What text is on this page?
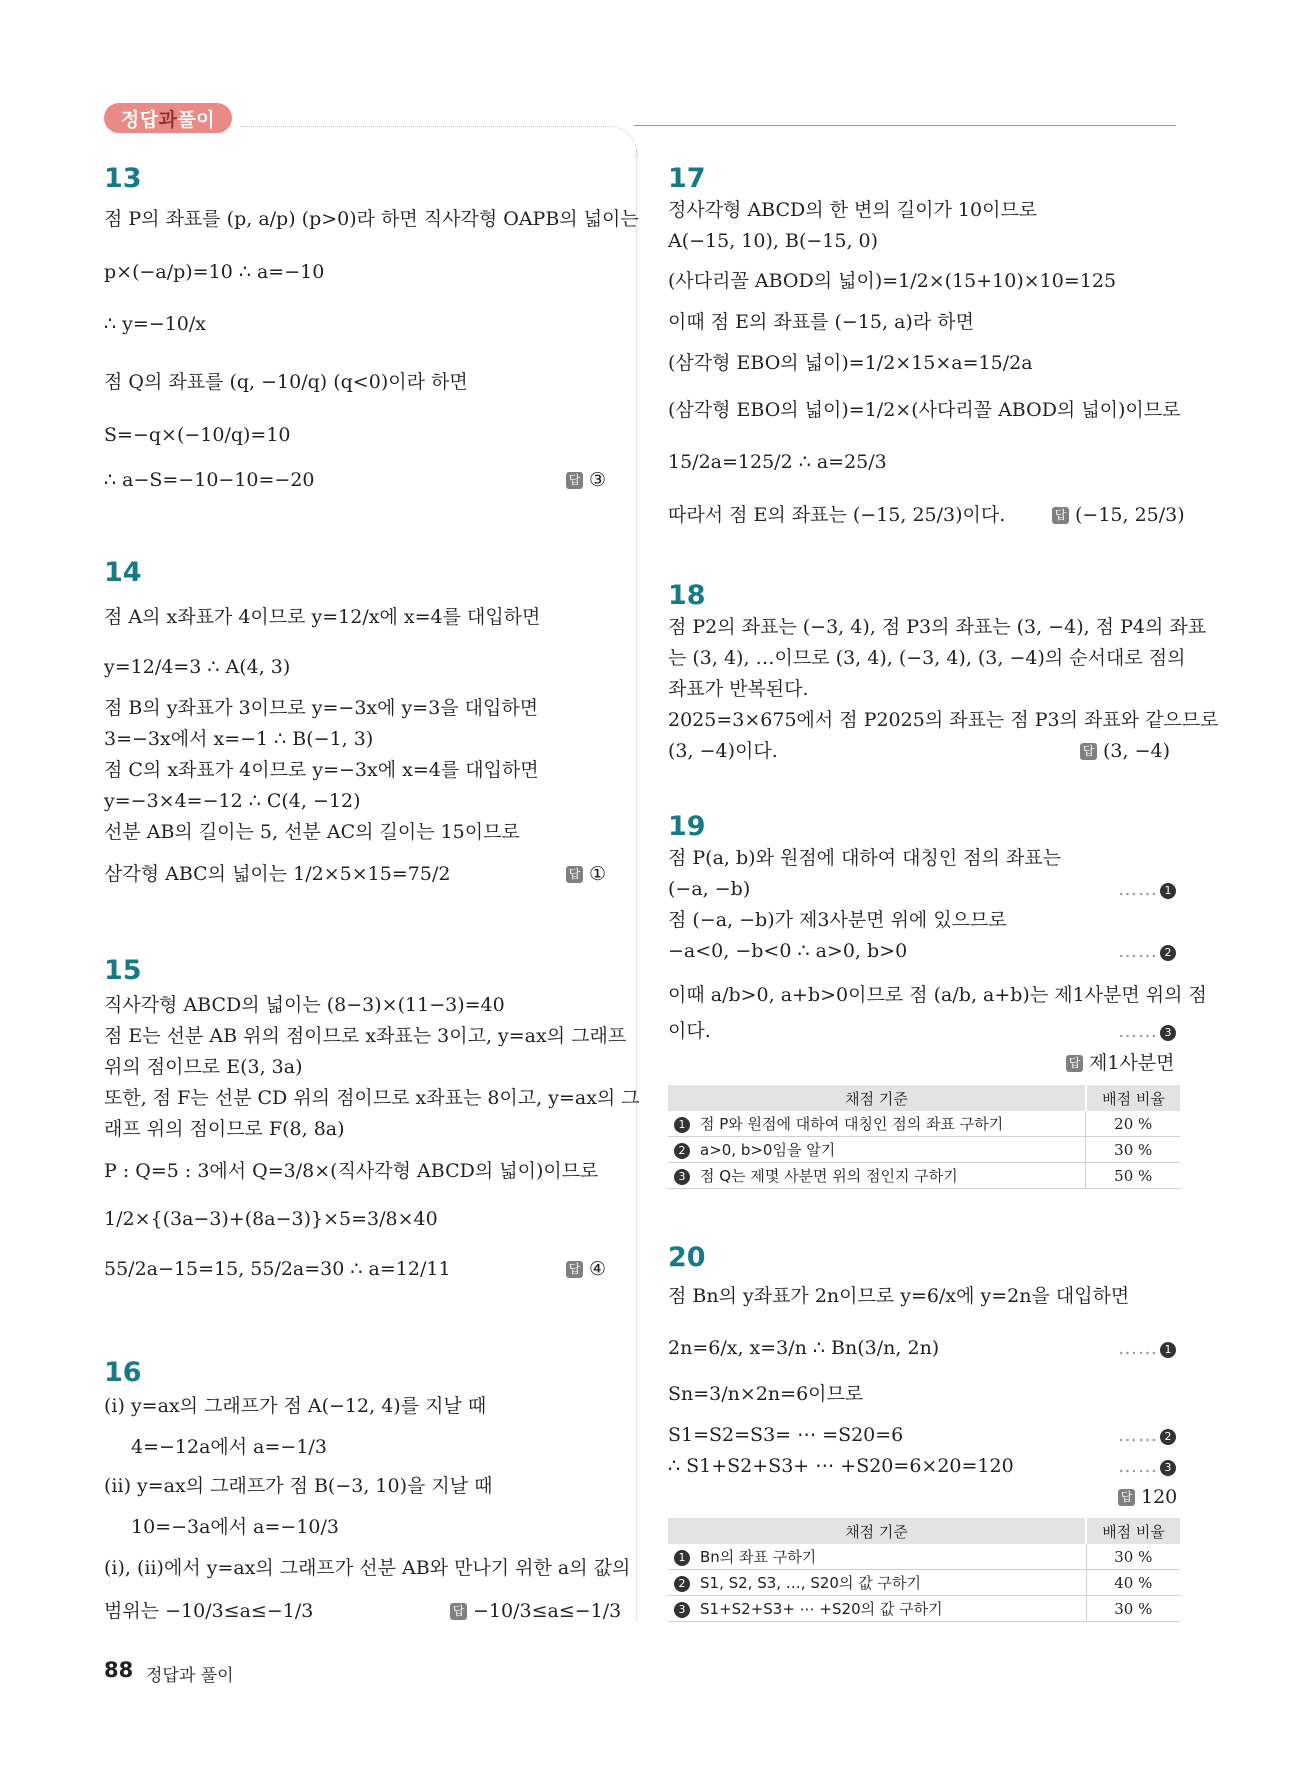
정답 과 풀이
13
점 P의 좌표를 (p, a/p) (p>0)라 하면 직사각형 OAPB의 넓이는
p×(−a/p)=10 ∴ a=−10
∴ y=−10/x
점 Q의 좌표를 (q, −10/q) (q<0)이라 하면
S=−q×(−10/q)=10
∴ a−S=−10−10=−20	답 ③
14
점 A의 x좌표가 4이므로 y=12/x에 x=4를 대입하면
y=12/4=3 ∴ A(4, 3)
점 B의 y좌표가 3이므로 y=−3x에 y=3을 대입하면
3=−3x에서 x=−1 ∴ B(−1, 3)
점 C의 x좌표가 4이므로 y=−3x에 x=4를 대입하면
y=−3×4=−12 ∴ C(4, −12)
선분 AB의 길이는 5, 선분 AC의 길이는 15이므로
삼각형 ABC의 넓이는 1/2×5×15=75/2	답 ①
15
직사각형 ABCD의 넓이는 (8−3)×(11−3)=40
점 E는 선분 AB 위의 점이므로 x좌표는 3이고, y=ax의 그래프
위의 점이므로 E(3, 3a)
또한, 점 F는 선분 CD 위의 점이므로 x좌표는 8이고, y=ax의 그
래프 위의 점이므로 F(8, 8a)
P : Q=5 : 3에서 Q=3/8×(직사각형 ABCD의 넓이)이므로
1/2×{(3a−3)+(8a−3)}×5=3/8×40
55/2a−15=15, 55/2a=30 ∴ a=12/11	답 ④
16
(ⅰ) y=ax의 그래프가 점 A(−12, 4)를 지날 때
4=−12a에서 a=−1/3
(ⅱ) y=ax의 그래프가 점 B(−3, 10)을 지날 때
10=−3a에서 a=−10/3
(ⅰ), (ⅱ)에서 y=ax의 그래프가 선분 AB와 만나기 위한 a의 값의
범위는 −10/3≤a≤−1/3	답 −10/3≤a≤−1/3
17
정사각형 ABCD의 한 변의 길이가 10이므로
A(−15, 10), B(−15, 0)
(사다리꼴 ABOD의 넓이)=1/2×(15+10)×10=125
이때 점 E의 좌표를 (−15, a)라 하면
(삼각형 EBO의 넓이)=1/2×15×a=15/2a
(삼각형 EBO의 넓이)=1/2×(사다리꼴 ABOD의 넓이)이므로
15/2a=125/2 ∴ a=25/3
따라서 점 E의 좌표는 (−15, 25/3)이다.	답 (−15, 25/3)
18
점 P2의 좌표는 (−3, 4), 점 P3의 좌표는 (3, −4), 점 P4의 좌표
는 (3, 4), …이므로 (3, 4), (−3, 4), (3, −4)의 순서대로 점의
좌표가 반복된다.
2025=3×675에서 점 P2025의 좌표는 점 P3의 좌표와 같으므로
(3, −4)이다.	답 (3, −4)
19
점 P(a, b)와 원점에 대하여 대칭인 점의 좌표는
(−a, −b)	…… 1
점 (−a, −b)가 제3사분면 위에 있으므로
−a<0, −b<0 ∴ a>0, b>0	…… 2
이때 a/b>0, a+b>0이므로 점 (a/b, a+b)는 제1사분면 위의 점
이다.	…… 3
답 제1사분면
채점 기준	배점 비율
1 점 P와 원점에 대하여 대칭인 점의 좌표 구하기	20 %
2 a>0, b>0임을 알기	30 %
3 점 Q는 제몇 사분면 위의 점인지 구하기	50 %
20
점 Bn의 y좌표가 2n이므로 y=6/x에 y=2n을 대입하면
2n=6/x, x=3/n ∴ Bn(3/n, 2n)	…… 1
Sn=3/n×2n=6이므로
S1=S2=S3= ⋯ =S20=6	…… 2
∴ S1+S2+S3+ ⋯ +S20=6×20=120	…… 3
답 120
채점 기준	배점 비율
1 Bn의 좌표 구하기	30 %
2 S1, S2, S3, …, S20의 값 구하기	40 %
3 S1+S2+S3+ ⋯ +S20의 값 구하기	30 %
88 정답과 풀이
